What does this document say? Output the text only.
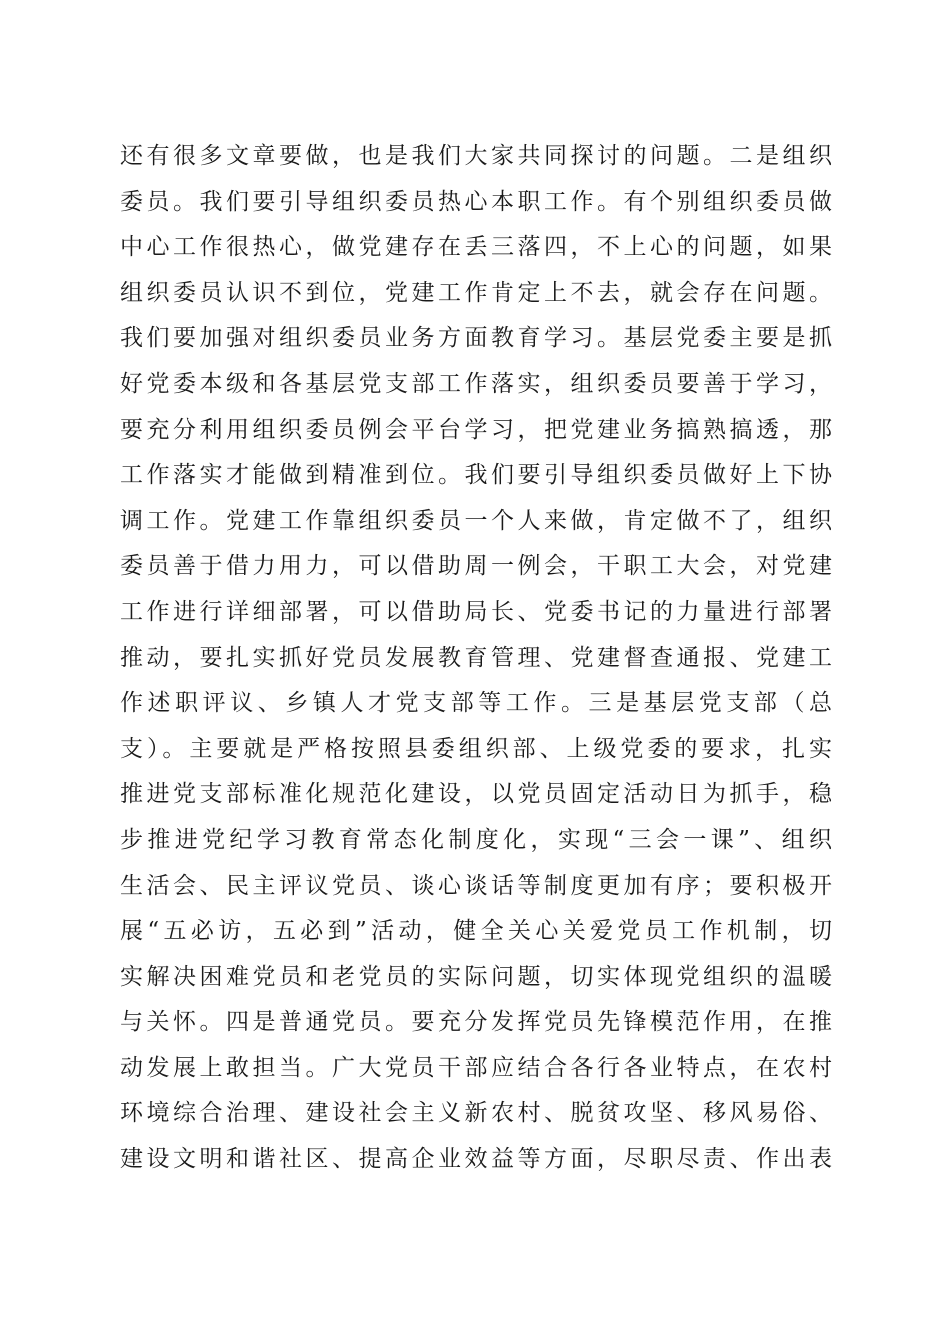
还有很多文章要做，也是我们大家共同探讨的问题。二是组织
委员。我们要引导组织委员热心本职工作。有个别组织委员做
中心工作很热心，做党建存在丢三落四，不上心的问题，如果
组织委员认识不到位，党建工作肯定上不去，就会存在问题。
我们要加强对组织委员业务方面教育学习。基层党委主要是抓
好党委本级和各基层党支部工作落实，组织委员要善于学习，
要充分利用组织委员例会平台学习，把党建业务搞熟搞透，那
工作落实才能做到精准到位。我们要引导组织委员做好上下协
调工作。党建工作靠组织委员一个人来做，肯定做不了，组织
委员善于借力用力，可以借助周一例会，干职工大会，对党建
工作进行详细部署，可以借助局长、党委书记的力量进行部署
推动，要扎实抓好党员发展教育管理、党建督查通报、党建工
作述职评议、乡镇人才党支部等工作。三是基层党支部（总
支）。主要就是严格按照县委组织部、上级党委的要求，扎实
推进党支部标准化规范化建设，以党员固定活动日为抓手，稳
步推进党纪学习教育常态化制度化，实现“三会一课”、组织
生活会、民主评议党员、谈心谈话等制度更加有序；要积极开
展“五必访，五必到”活动，健全关心关爱党员工作机制，切
实解决困难党员和老党员的实际问题，切实体现党组织的温暖
与关怀。四是普通党员。要充分发挥党员先锋模范作用，在推
动发展上敢担当。广大党员干部应结合各行各业特点，在农村
环境综合治理、建设社会主义新农村、脱贫攻坚、移风易俗、
建设文明和谐社区、提高企业效益等方面，尽职尽责、作出表
